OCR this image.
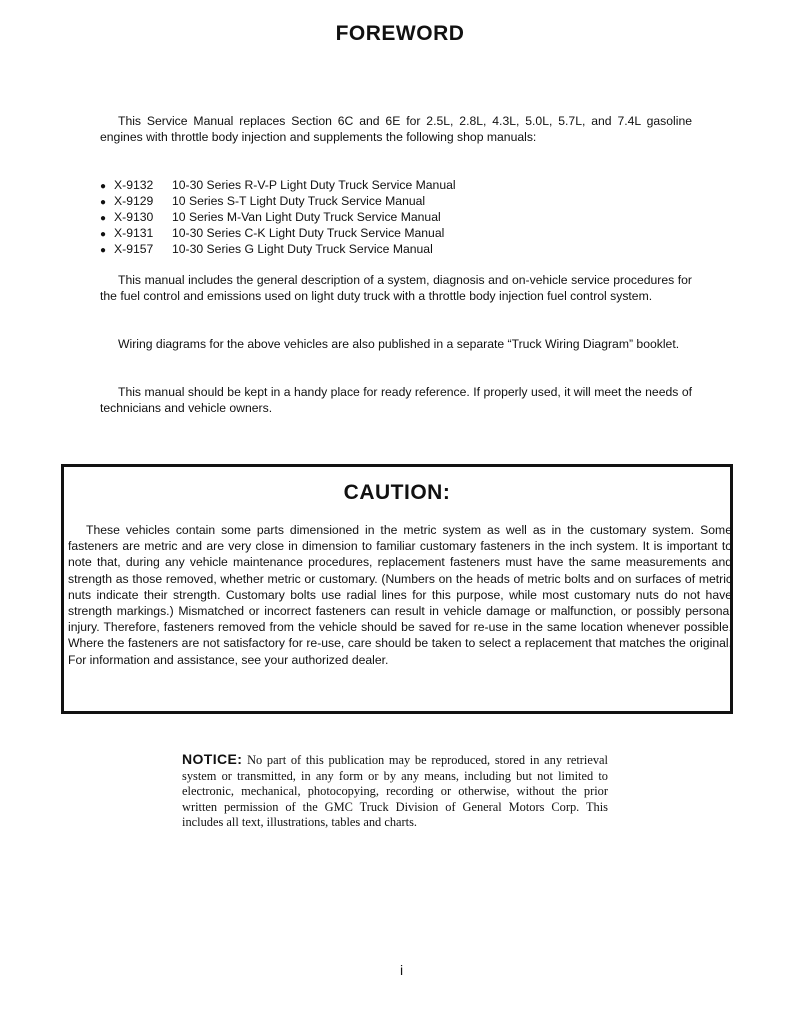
FOREWORD

This Service Manual replaces Section 6C and 6E for 2.5L, 2.8L, 4.3L, 5.0L, 5.7L, and 7.4L gasoline engines with throttle body injection and supplements the following shop manuals:

● X-9132	10-30 Series R-V-P Light Duty Truck Service Manual
● X-9129	10 Series S-T Light Duty Truck Service Manual
● X-9130	10 Series M-Van Light Duty Truck Service Manual
● X-9131	10-30 Series C-K Light Duty Truck Service Manual
● X-9157	10-30 Series G Light Duty Truck Service Manual

This manual includes the general description of a system, diagnosis and on-vehicle service procedures for the fuel control and emissions used on light duty truck with a throttle body injection fuel control system.

Wiring diagrams for the above vehicles are also published in a separate “Truck Wiring Diagram” booklet.

This manual should be kept in a handy place for ready reference. If properly used, it will meet the needs of technicians and vehicle owners.

CAUTION:

These vehicles contain some parts dimensioned in the metric system as well as in the customary system. Some fasteners are metric and are very close in dimension to familiar customary fasteners in the inch system. It is important to note that, during any vehicle maintenance procedures, replacement fasteners must have the same measurements and strength as those removed, whether metric or customary. (Numbers on the heads of metric bolts and on surfaces of metric nuts indicate their strength. Customary bolts use radial lines for this purpose, while most customary nuts do not have strength markings.) Mismatched or incorrect fasteners can result in vehicle damage or malfunction, or possibly personal injury. Therefore, fasteners removed from the vehicle should be saved for re-use in the same location whenever possible. Where the fasteners are not satisfactory for re-use, care should be taken to select a replacement that matches the original. For information and assistance, see your authorized dealer.

NOTICE: No part of this publication may be reproduced, stored in any retrieval system or transmitted, in any form or by any means, including but not limited to electronic, mechanical, photocopying, recording or otherwise, without the prior written permission of the GMC Truck Division of General Motors Corp. This includes all text, illustrations, tables and charts.

i
